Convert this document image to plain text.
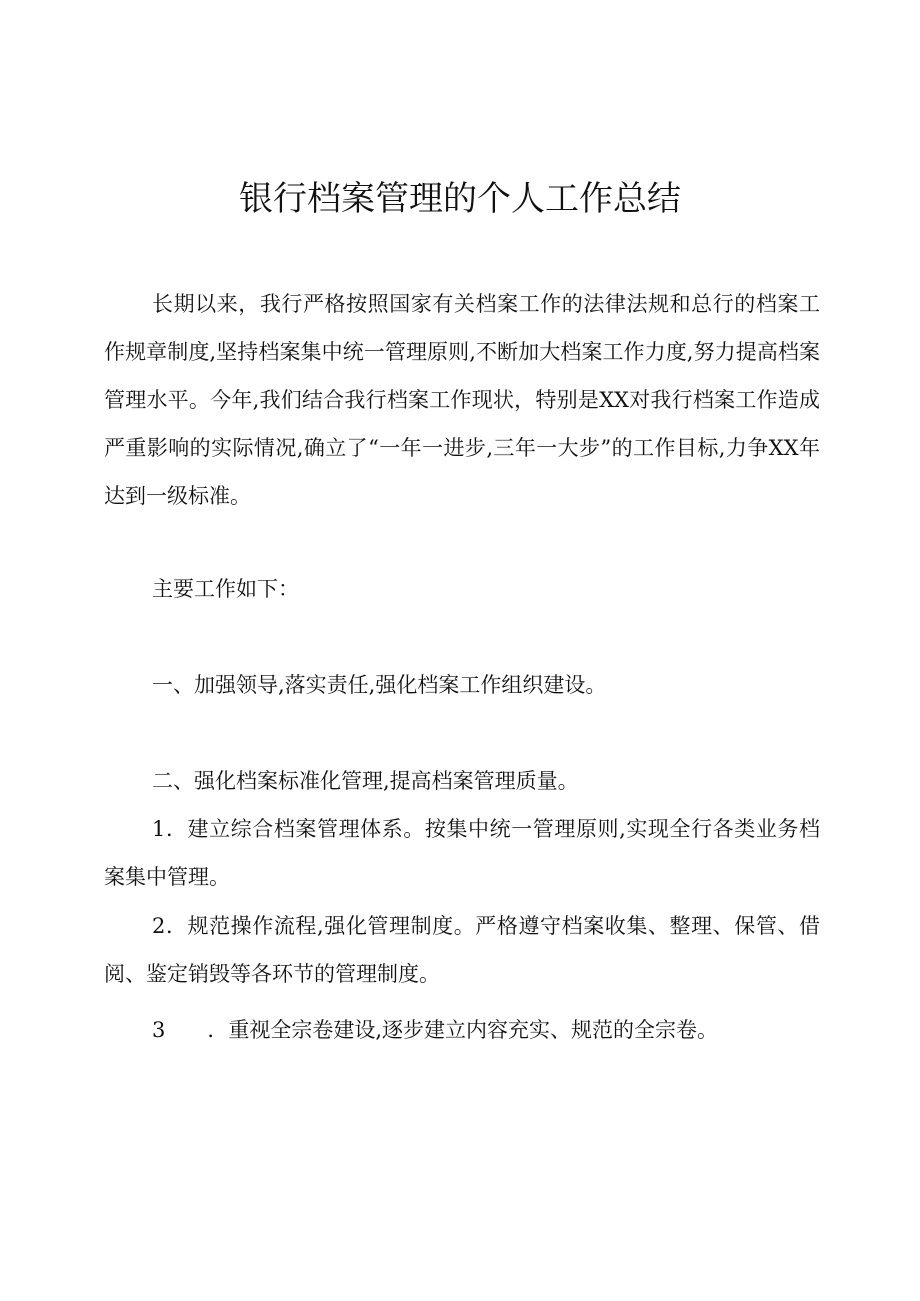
银行档案管理的个人工作总结

长期以来，我行严格按照国家有关档案工作的法律法规和总行的档案工作规章制度,坚持档案集中统一管理原则,不断加大档案工作力度,努力提高档案管理水平。今年,我们结合我行档案工作现状，特别是XX对我行档案工作造成严重影响的实际情况,确立了“一年一进步,三年一大步”的工作目标,力争XX年达到一级标准。

主要工作如下：

一、加强领导,落实责任,强化档案工作组织建设。

二、强化档案标准化管理,提高档案管理质量。

1．建立综合档案管理体系。按集中统一管理原则,实现全行各类业务档案集中管理。

2．规范操作流程,强化管理制度。严格遵守档案收集、整理、保管、借阅、鉴定销毁等各环节的管理制度。

3 ．重视全宗卷建设,逐步建立内容充实、规范的全宗卷。
